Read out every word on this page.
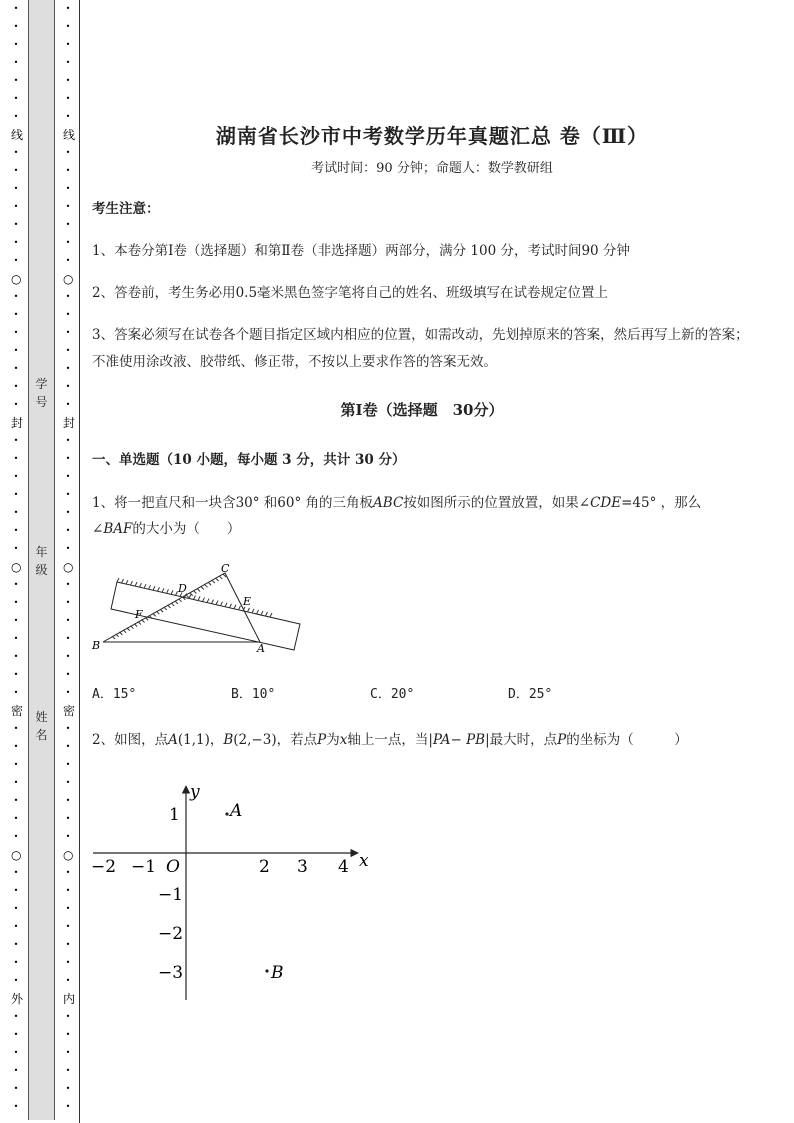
•
•
•
•
•
•
•
线
•
•
•
•
•
•
•
○
•
•
•
•
•
•
•
封
•
•
•
•
•
•
•
○
•
•
•
•
•
•
•
密
•
•
•
•
•
•
•
○
•
•
•
•
•
•
•
外
•
•
•
•
•
•
•
•
•
•
•
•
•
线
•
•
•
•
•
•
•
○
•
•
•
•
•
•
•
封
•
•
•
•
•
•
•
○
•
•
•
•
•
•
•
密
•
•
•
•
•
•
•
○
•
•
•
•
•
•
•
内
•
•
•
•
•
•
学
号
年
级
姓
名
湖南省长沙市中考数学历年真题汇总 卷（Ⅲ）
考试时间：90 分钟；命题人：数学教研组
考生注意：
1、本卷分第Ⅰ卷（选择题）和第Ⅱ卷（非选择题）两部分，满分 100 分，考试时间90 分钟
2、答卷前，考生务必用0.5毫米黑色签字笔将自己的姓名、班级填写在试卷规定位置上
3、答案必须写在试卷各个题目指定区域内相应的位置，如需改动，先划掉原来的答案，然后再写上新的答案；不准使用涂改液、胶带纸、修正带，不按以上要求作答的答案无效。
第Ⅰ卷（选择题　30分）
一、单选题（10 小题，每小题 3 分，共计 30 分）
1、将一把直尺和一块含30° 和60° 角的三角板ABC按如图所示的位置放置，如果∠CDE=45° ，那么
∠BAF的大小为（　　）
C
D
E
F
B	A
A．15°	B．10°	C．20°	D．25°
2、如图，点A(1,1)，B(2,−3)，若点P为x轴上一点，当|PA− PB|最大时，点P的坐标为（　　　）
x
y
O
−2 −1	2 3 4
1
−1
−2
−3
A
B
